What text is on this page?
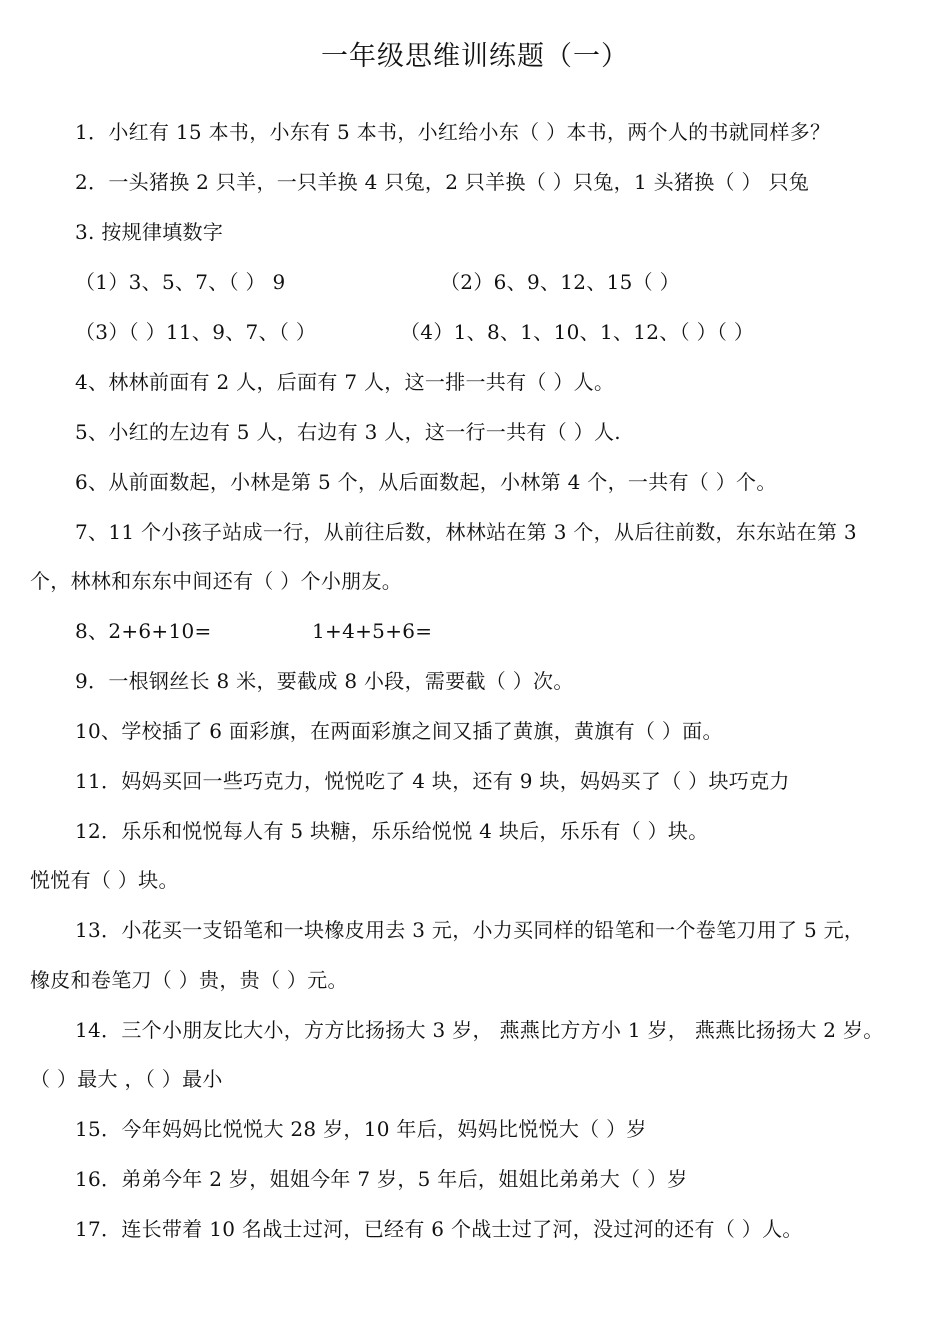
一年级思维训练题（一）
1．小红有 15 本书，小东有 5 本书，小红给小东（ ）本书，两个人的书就同样多？
2．一头猪换 2 只羊，一只羊换 4 只兔，2 只羊换（ ）只兔，1 头猪换（ ） 只兔
3. 按规律填数字
（1）3、5、7、（ ） 9	（2）6、9、12、15（ ）
（3）（ ）11、9、7、（ ）	（4）1、8、1、10、1、12、（ ）（ ）
4、林林前面有 2 人，后面有 7 人，这一排一共有（ ）人。
5、小红的左边有 5 人，右边有 3 人，这一行一共有（ ）人.
6、从前面数起，小林是第 5 个，从后面数起，小林第 4 个，一共有（ ）个。
7、11 个小孩子站成一行，从前往后数，林林站在第 3 个，从后往前数，东东站在第 3
个，林林和东东中间还有（ ）个小朋友。
8、2+6+10=	1+4+5+6=
9．一根钢丝长 8 米，要截成 8 小段，需要截（ ）次。
10、学校插了 6 面彩旗，在两面彩旗之间又插了黄旗，黄旗有（ ）面。
11．妈妈买回一些巧克力，悦悦吃了 4 块，还有 9 块，妈妈买了（ ）块巧克力
12．乐乐和悦悦每人有 5 块糖，乐乐给悦悦 4 块后，乐乐有（ ）块。
悦悦有（ ）块。
13．小花买一支铅笔和一块橡皮用去 3 元，小力买同样的铅笔和一个卷笔刀用了 5 元，
橡皮和卷笔刀（ ）贵，贵（ ）元。
14．三个小朋友比大小，方方比扬扬大 3 岁， 燕燕比方方小 1 岁， 燕燕比扬扬大 2 岁。
（ ）最大 ，（ ）最小
15．今年妈妈比悦悦大 28 岁，10 年后，妈妈比悦悦大（ ）岁
16．弟弟今年 2 岁，姐姐今年 7 岁，5 年后，姐姐比弟弟大（ ）岁
17．连长带着 10 名战士过河，已经有 6 个战士过了河，没过河的还有（ ）人。
